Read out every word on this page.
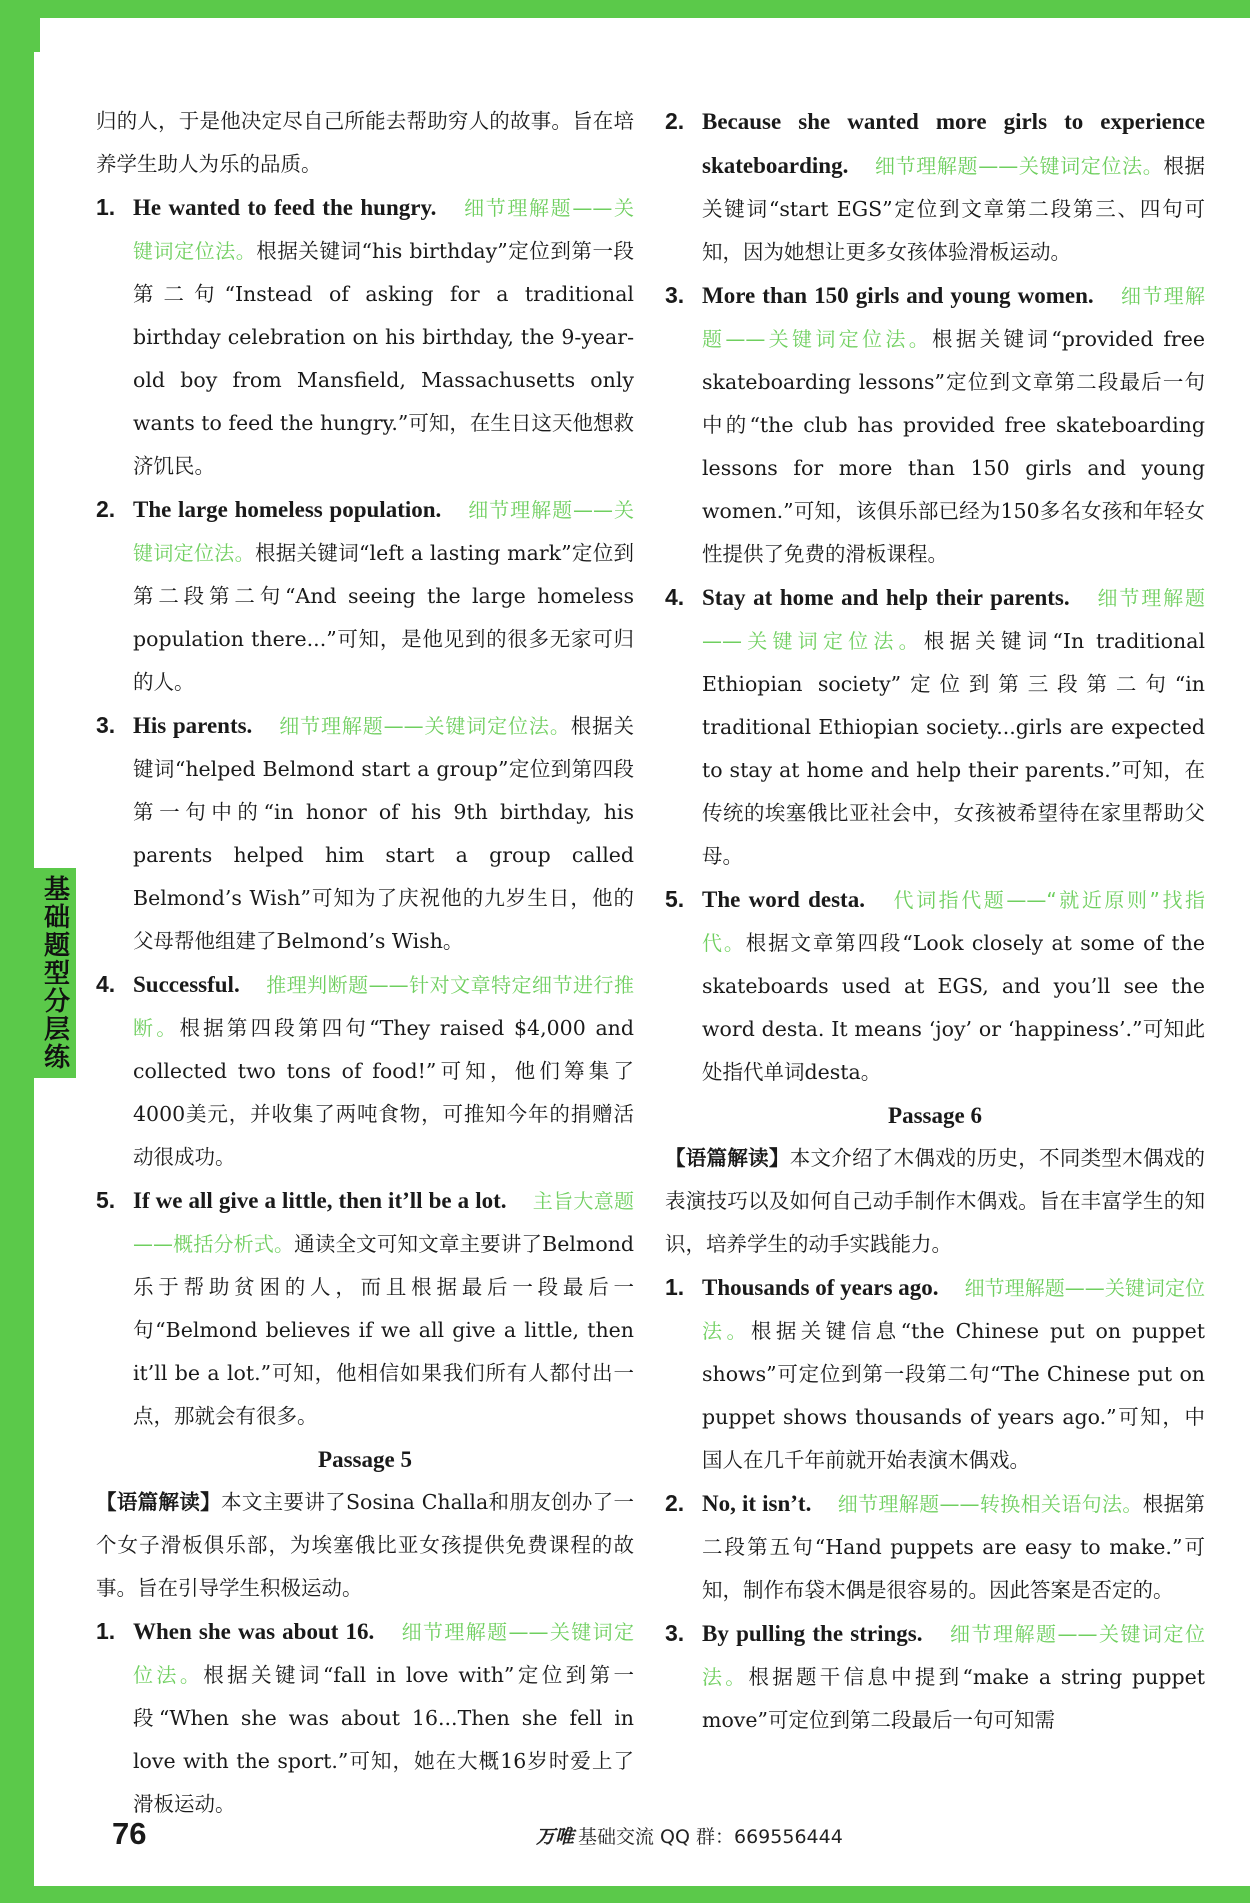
基础题型分层练

归的人，于是他决定尽自己所能去帮助穷人的故事。旨在培养学生助人为乐的品质。

1. He wanted to feed the hungry. 细节理解题——关键词定位法。根据关键词“his birthday”定位到第一段第二句“Instead of asking for a traditional birthday celebration on his birthday, the 9-year-old boy from Mansfield, Massachusetts only wants to feed the hungry.”可知，在生日这天他想救济饥民。
2. The large homeless population. 细节理解题——关键词定位法。根据关键词“left a lasting mark”定位到第二段第二句“And seeing the large homeless population there...”可知，是他见到的很多无家可归的人。
3. His parents. 细节理解题——关键词定位法。根据关键词“helped Belmond start a group”定位到第四段第一句中的“in honor of his 9th birthday, his parents helped him start a group called Belmond’s Wish”可知为了庆祝他的九岁生日，他的父母帮他组建了Belmond’s Wish。
4. Successful. 推理判断题——针对文章特定细节进行推断。根据第四段第四句“They raised $4,000 and collected two tons of food!”可知，他们筹集了4000美元，并收集了两吨食物，可推知今年的捐赠活动很成功。
5. If we all give a little, then it’ll be a lot. 主旨大意题——概括分析式。通读全文可知文章主要讲了Belmond乐于帮助贫困的人，而且根据最后一段最后一句“Belmond believes if we all give a little, then it’ll be a lot.”可知，他相信如果我们所有人都付出一点，那就会有很多。

Passage 5

【语篇解读】本文主要讲了Sosina Challa和朋友创办了一个女子滑板俱乐部，为埃塞俄比亚女孩提供免费课程的故事。旨在引导学生积极运动。

1. When she was about 16. 细节理解题——关键词定位法。根据关键词“fall in love with”定位到第一段“When she was about 16...Then she fell in love with the sport.”可知，她在大概16岁时爱上了滑板运动。
2. Because she wanted more girls to experience skateboarding. 细节理解题——关键词定位法。根据关键词“start EGS”定位到文章第二段第三、四句可知，因为她想让更多女孩体验滑板运动。
3. More than 150 girls and young women. 细节理解题——关键词定位法。根据关键词“provided free skateboarding lessons”定位到文章第二段最后一句中的“the club has provided free skateboarding lessons for more than 150 girls and young women.”可知，该俱乐部已经为150多名女孩和年轻女性提供了免费的滑板课程。
4. Stay at home and help their parents. 细节理解题——关键词定位法。根据关键词“In traditional Ethiopian society”定位到第三段第二句“in traditional Ethiopian society...girls are expected to stay at home and help their parents.”可知，在传统的埃塞俄比亚社会中，女孩被希望待在家里帮助父母。
5. The word desta. 代词指代题——“就近原则”找指代。根据文章第四段“Look closely at some of the skateboards used at EGS, and you’ll see the word desta. It means ‘joy’ or ‘happiness’.”可知此处指代单词desta。

Passage 6

【语篇解读】本文介绍了木偶戏的历史，不同类型木偶戏的表演技巧以及如何自己动手制作木偶戏。旨在丰富学生的知识，培养学生的动手实践能力。

1. Thousands of years ago. 细节理解题——关键词定位法。根据关键信息“the Chinese put on puppet shows”可定位到第一段第二句“The Chinese put on puppet shows thousands of years ago.”可知，中国人在几千年前就开始表演木偶戏。
2. No, it isn’t. 细节理解题——转换相关语句法。根据第二段第五句“Hand puppets are easy to make.”可知，制作布袋木偶是很容易的。因此答案是否定的。
3. By pulling the strings. 细节理解题——关键词定位法。根据题干信息中提到“make a string puppet move”可定位到第二段最后一句可知需
76	万唯 基础交流 QQ 群：669556444
